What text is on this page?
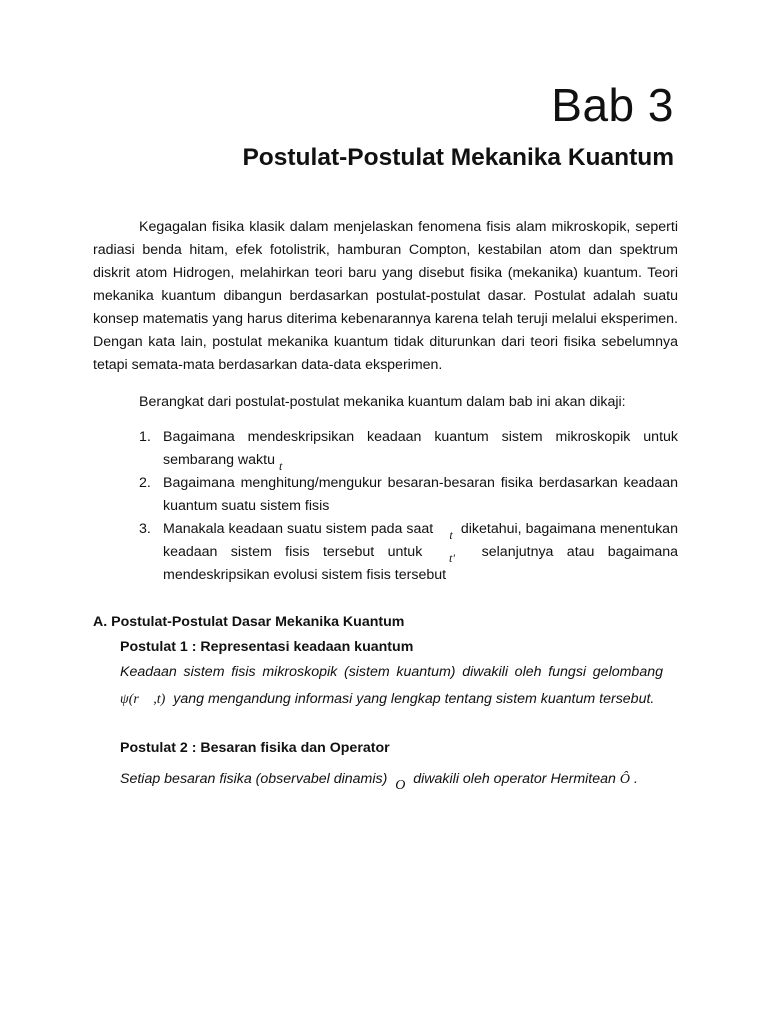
Bab 3
Postulat-Postulat Mekanika Kuantum

Kegagalan fisika klasik dalam menjelaskan fenomena fisis alam mikroskopik, seperti radiasi benda hitam, efek fotolistrik, hamburan Compton, kestabilan atom dan spektrum diskrit atom Hidrogen, melahirkan teori baru yang disebut fisika (mekanika) kuantum. Teori mekanika kuantum dibangun berdasarkan postulat-postulat dasar. Postulat adalah suatu konsep matematis yang harus diterima kebenarannya karena telah teruji melalui eksperimen. Dengan kata lain, postulat mekanika kuantum tidak diturunkan dari teori fisika sebelumnya tetapi semata-mata berdasarkan data-data eksperimen.

Berangkat dari postulat-postulat mekanika kuantum dalam bab ini akan dikaji:

1. Bagaimana mendeskripsikan keadaan kuantum sistem mikroskopik untuk sembarang waktu $_t$
2. Bagaimana menghitung/mengukur besaran-besaran fisika berdasarkan keadaan kuantum suatu sistem fisis
3. Manakala keadaan suatu sistem pada saat $_t$ diketahui, bagaimana menentukan keadaan sistem fisis tersebut untuk $_{t'}$ selanjutnya atau bagaimana mendeskripsikan evolusi sistem fisis tersebut
A. Postulat-Postulat Dasar Mekanika Kuantum
Postulat 1 : Representasi keadaan kuantum

Keadaan sistem fisis mikroskopik (sistem kuantum) diwakili oleh fungsi gelombang

ψ(r⃗ ,t) yang mengandung informasi yang lengkap tentang sistem kuantum tersebut.

Postulat 2 : Besaran fisika dan Operator

Setiap besaran fisika (observabel dinamis) O diwakili oleh operator Hermitean Ô .
